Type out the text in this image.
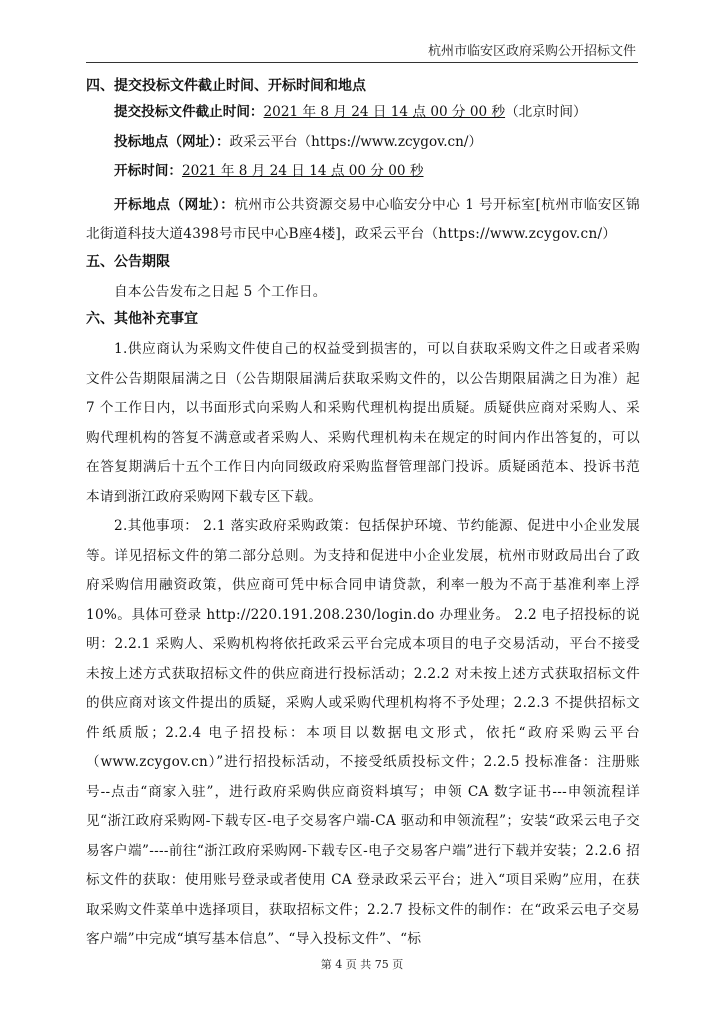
杭州市临安区政府采购公开招标文件

四、提交投标文件截止时间、开标时间和地点

提交投标文件截止时间：2021 年 8 月 24 日 14 点 00 分 00 秒（北京时间）

投标地点（网址）：政采云平台（https://www.zcygov.cn/）

开标时间：2021 年 8 月 24 日 14 点 00 分 00 秒

开标地点（网址）：杭州市公共资源交易中心临安分中心 1 号开标室[杭州市临安区锦北街道科技大道4398号市民中心B座4楼]，政采云平台（https://www.zcygov.cn/）

五、公告期限

自本公告发布之日起 5 个工作日。

六、其他补充事宜

1.供应商认为采购文件使自己的权益受到损害的，可以自获取采购文件之日或者采购文件公告期限届满之日（公告期限届满后获取采购文件的，以公告期限届满之日为准）起 7 个工作日内，以书面形式向采购人和采购代理机构提出质疑。质疑供应商对采购人、采购代理机构的答复不满意或者采购人、采购代理机构未在规定的时间内作出答复的，可以在答复期满后十五个工作日内向同级政府采购监督管理部门投诉。质疑函范本、投诉书范本请到浙江政府采购网下载专区下载。

2.其他事项： 2.1 落实政府采购政策：包括保护环境、节约能源、促进中小企业发展等。详见招标文件的第二部分总则。为支持和促进中小企业发展，杭州市财政局出台了政府采购信用融资政策，供应商可凭中标合同申请贷款，利率一般为不高于基准利率上浮 10%。具体可登录 http://220.191.208.230/login.do 办理业务。 2.2 电子招投标的说明：2.2.1 采购人、采购机构将依托政采云平台完成本项目的电子交易活动，平台不接受未按上述方式获取招标文件的供应商进行投标活动；2.2.2 对未按上述方式获取招标文件的供应商对该文件提出的质疑，采购人或采购代理机构将不予处理；2.2.3 不提供招标文件纸质版；2.2.4 电子招投标：本项目以数据电文形式，依托“政府采购云平台（www.zcygov.cn）”进行招投标活动，不接受纸质投标文件；2.2.5 投标准备：注册账号--点击“商家入驻”，进行政府采购供应商资料填写；申领 CA 数字证书---申领流程详见“浙江政府采购网-下载专区-电子交易客户端-CA 驱动和申领流程”；安装“政采云电子交易客户端”----前往“浙江政府采购网-下载专区-电子交易客户端”进行下载并安装；2.2.6 招标文件的获取：使用账号登录或者使用 CA 登录政采云平台；进入“项目采购”应用，在获取采购文件菜单中选择项目，获取招标文件；2.2.7 投标文件的制作：在“政采云电子交易客户端”中完成“填写基本信息”、“导入投标文件”、“标

第 4 页 共 75 页
